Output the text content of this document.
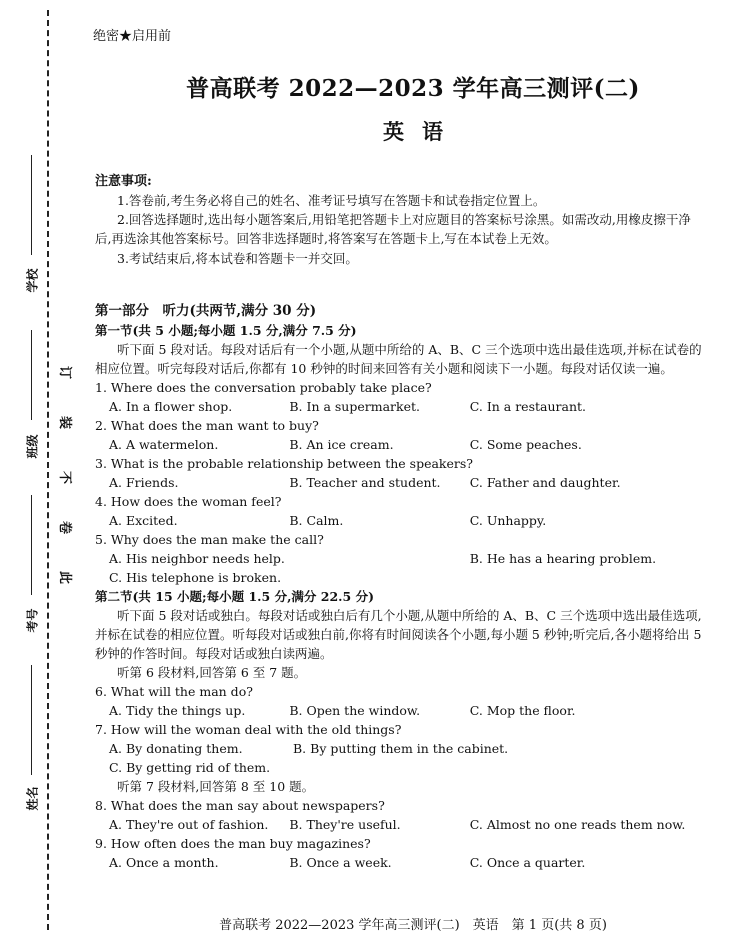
学校
班级
考号
姓名
订
装
不
卷
此
绝密★启用前
普高联考 2022—2023 学年高三测评(二)
英语
注意事项:

1.答卷前,考生务必将自己的姓名、准考证号填写在答题卡和试卷指定位置上。

2.回答选择题时,选出每小题答案后,用铅笔把答题卡上对应题目的答案标号涂黑。如需改动,用橡皮擦干净后,再选涂其他答案标号。回答非选择题时,将答案写在答题卡上,写在本试卷上无效。

3.考试结束后,将本试卷和答题卡一并交回。

第一部分　听力(共两节,满分 30 分)
第一节(共 5 小题;每小题 1.5 分,满分 7.5 分)
听下面 5 段对话。每段对话后有一个小题,从题中所给的 A、B、C 三个选项中选出最佳选项,并标在试卷的相应位置。听完每段对话后,你都有 10 秒钟的时间来回答有关小题和阅读下一小题。每段对话仅读一遍。
1. Where does the conversation probably take place?
A. In a flower shop.	B. In a supermarket.	C. In a restaurant.
2. What does the man want to buy?
A. A watermelon.	B. An ice cream.	C. Some peaches.
3. What is the probable relationship between the speakers?
A. Friends.	B. Teacher and student.	C. Father and daughter.
4. How does the woman feel?
A. Excited.	B. Calm.	C. Unhappy.
5. Why does the man make the call?
A. His neighbor needs help.	B. He has a hearing problem.
C. His telephone is broken.
第二节(共 15 小题;每小题 1.5 分,满分 22.5 分)
听下面 5 段对话或独白。每段对话或独白后有几个小题,从题中所给的 A、B、C 三个选项中选出最佳选项,并标在试卷的相应位置。听每段对话或独白前,你将有时间阅读各个小题,每小题 5 秒钟;听完后,各小题将给出 5 秒钟的作答时间。每段对话或独白读两遍。
听第 6 段材料,回答第 6 至 7 题。
6. What will the man do?
A. Tidy the things up.	B. Open the window.	C. Mop the floor.
7. How will the woman deal with the old things?
A. By donating them.	B. By putting them in the cabinet.
C. By getting rid of them.
听第 7 段材料,回答第 8 至 10 题。
8. What does the man say about newspapers?
A. They're out of fashion.	B. They're useful.	C. Almost no one reads them now.
9. How often does the man buy magazines?
A. Once a month.	B. Once a week.	C. Once a quarter.
普高联考 2022—2023 学年高三测评(二)　英语　第 1 页(共 8 页)
